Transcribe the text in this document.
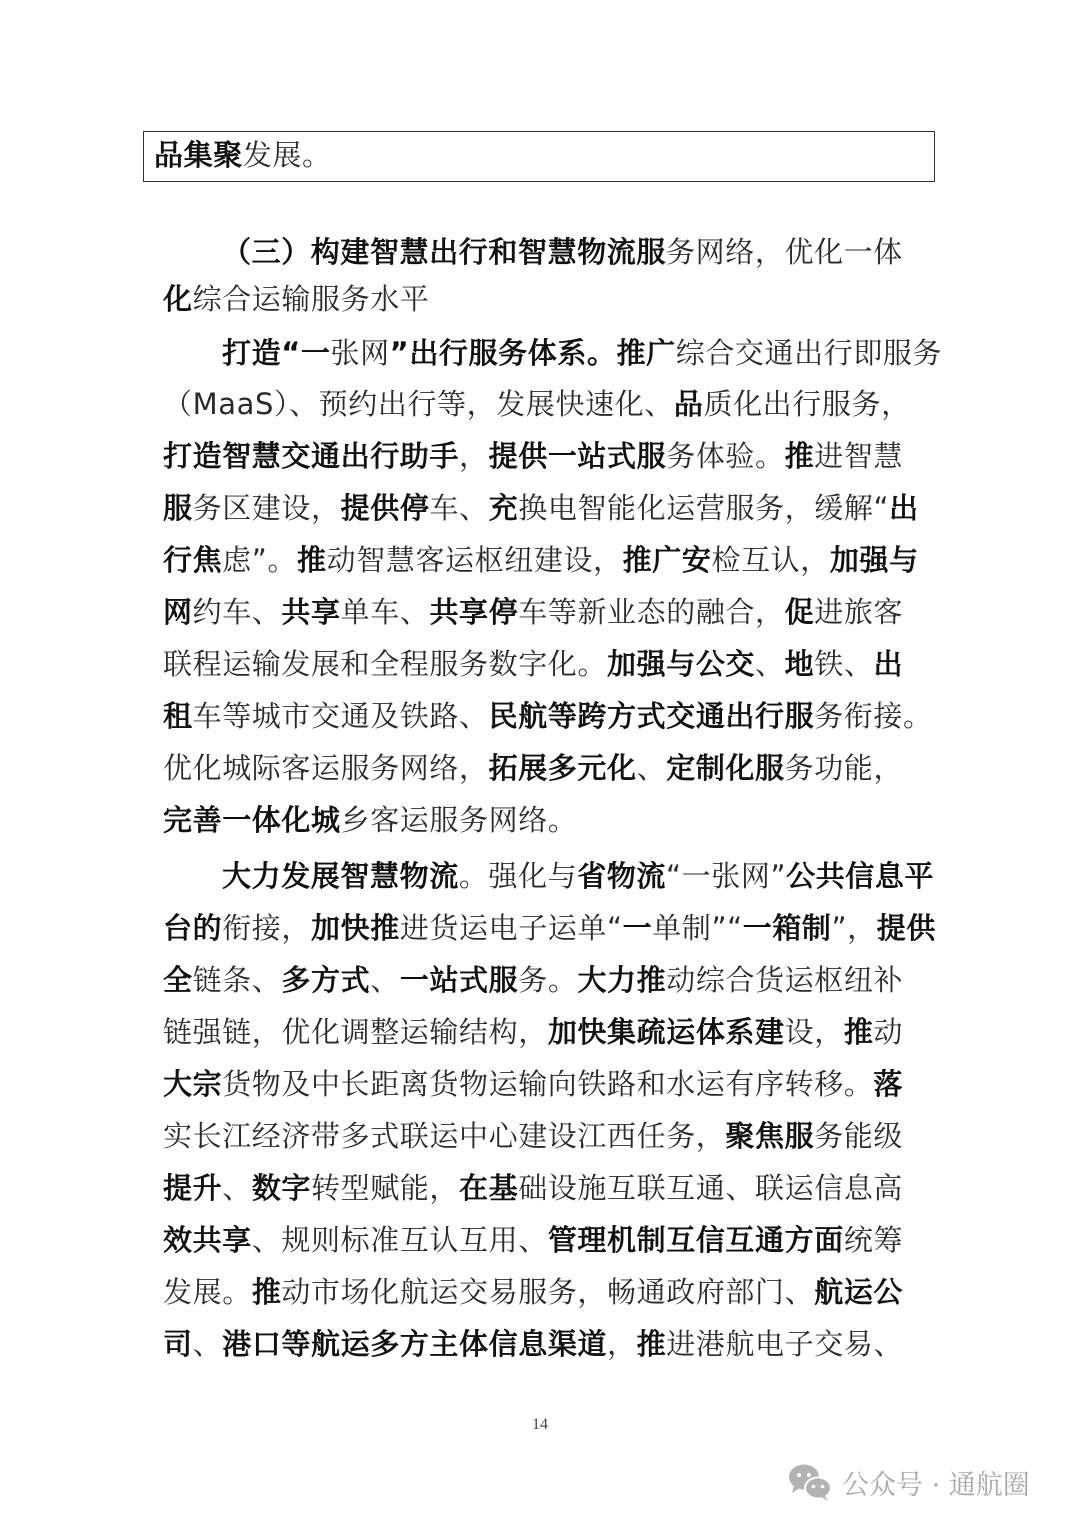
品集聚发展。
（三）构建智慧出行和智慧物流服务网络，优化一体
化综合运输服务水平
打造“一张网”出行服务体系。推广综合交通出行即服务
（MaaS）、预约出行等，发展快速化、品质化出行服务，
打造智慧交通出行助手，提供一站式服务体验。推进智慧
服务区建设，提供停车、充换电智能化运营服务，缓解“出
行焦虑”。推动智慧客运枢纽建设，推广安检互认，加强与
网约车、共享单车、共享停车等新业态的融合，促进旅客
联程运输发展和全程服务数字化。加强与公交、地铁、出
租车等城市交通及铁路、民航等跨方式交通出行服务衔接。
优化城际客运服务网络，拓展多元化、定制化服务功能，
完善一体化城乡客运服务网络。
大力发展智慧物流。强化与省物流“一张网”公共信息平
台的衔接，加快推进货运电子运单“一单制”“一箱制”，提供
全链条、多方式、一站式服务。大力推动综合货运枢纽补
链强链，优化调整运输结构，加快集疏运体系建设，推动
大宗货物及中长距离货物运输向铁路和水运有序转移。落
实长江经济带多式联运中心建设江西任务，聚焦服务能级
提升、数字转型赋能，在基础设施互联互通、联运信息高
效共享、规则标准互认互用、管理机制互信互通方面统筹
发展。推动市场化航运交易服务，畅通政府部门、航运公
司、港口等航运多方主体信息渠道，推进港航电子交易、
14
公众号 · 通航圈
